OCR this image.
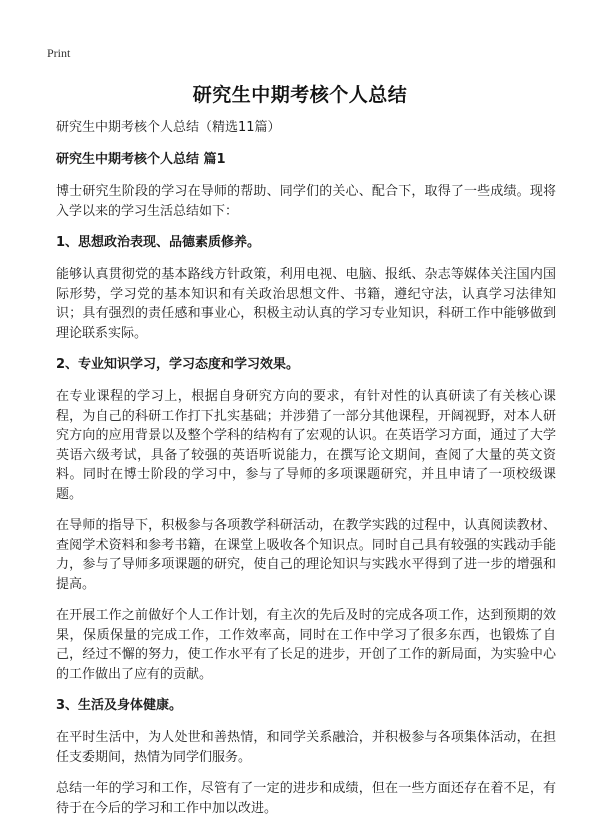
Print
研究生中期考核个人总结

研究生中期考核个人总结（精选11篇）

研究生中期考核个人总结 篇1

博士研究生阶段的学习在导师的帮助、同学们的关心、配合下，取得了一些成绩。现将入学以来的学习生活总结如下：

1、思想政治表现、品德素质修养。

能够认真贯彻党的基本路线方针政策，利用电视、电脑、报纸、杂志等媒体关注国内国际形势，学习党的基本知识和有关政治思想文件、书籍，遵纪守法，认真学习法律知识；具有强烈的责任感和事业心，积极主动认真的学习专业知识，科研工作中能够做到理论联系实际。

2、专业知识学习，学习态度和学习效果。

在专业课程的学习上，根据自身研究方向的要求，有针对性的认真研读了有关核心课程，为自己的科研工作打下扎实基础；并涉猎了一部分其他课程，开阔视野，对本人研究方向的应用背景以及整个学科的结构有了宏观的认识。在英语学习方面，通过了大学英语六级考试，具备了较强的英语听说能力，在撰写论文期间，查阅了大量的英文资料。同时在博士阶段的学习中，参与了导师的多项课题研究，并且申请了一项校级课题。

在导师的指导下，积极参与各项教学科研活动，在教学实践的过程中，认真阅读教材、查阅学术资料和参考书籍，在课堂上吸收各个知识点。同时自己具有较强的实践动手能力，参与了导师多项课题的研究，使自己的理论知识与实践水平得到了进一步的增强和提高。

在开展工作之前做好个人工作计划，有主次的先后及时的完成各项工作，达到预期的效果，保质保量的完成工作，工作效率高，同时在工作中学习了很多东西，也锻炼了自己，经过不懈的努力，使工作水平有了长足的进步，开创了工作的新局面，为实验中心的工作做出了应有的贡献。

3、生活及身体健康。

在平时生活中，为人处世和善热情，和同学关系融洽，并积极参与各项集体活动，在担任支委期间，热情为同学们服务。

总结一年的学习和工作，尽管有了一定的进步和成绩，但在一些方面还存在着不足，有待于在今后的学习和工作中加以改进。
